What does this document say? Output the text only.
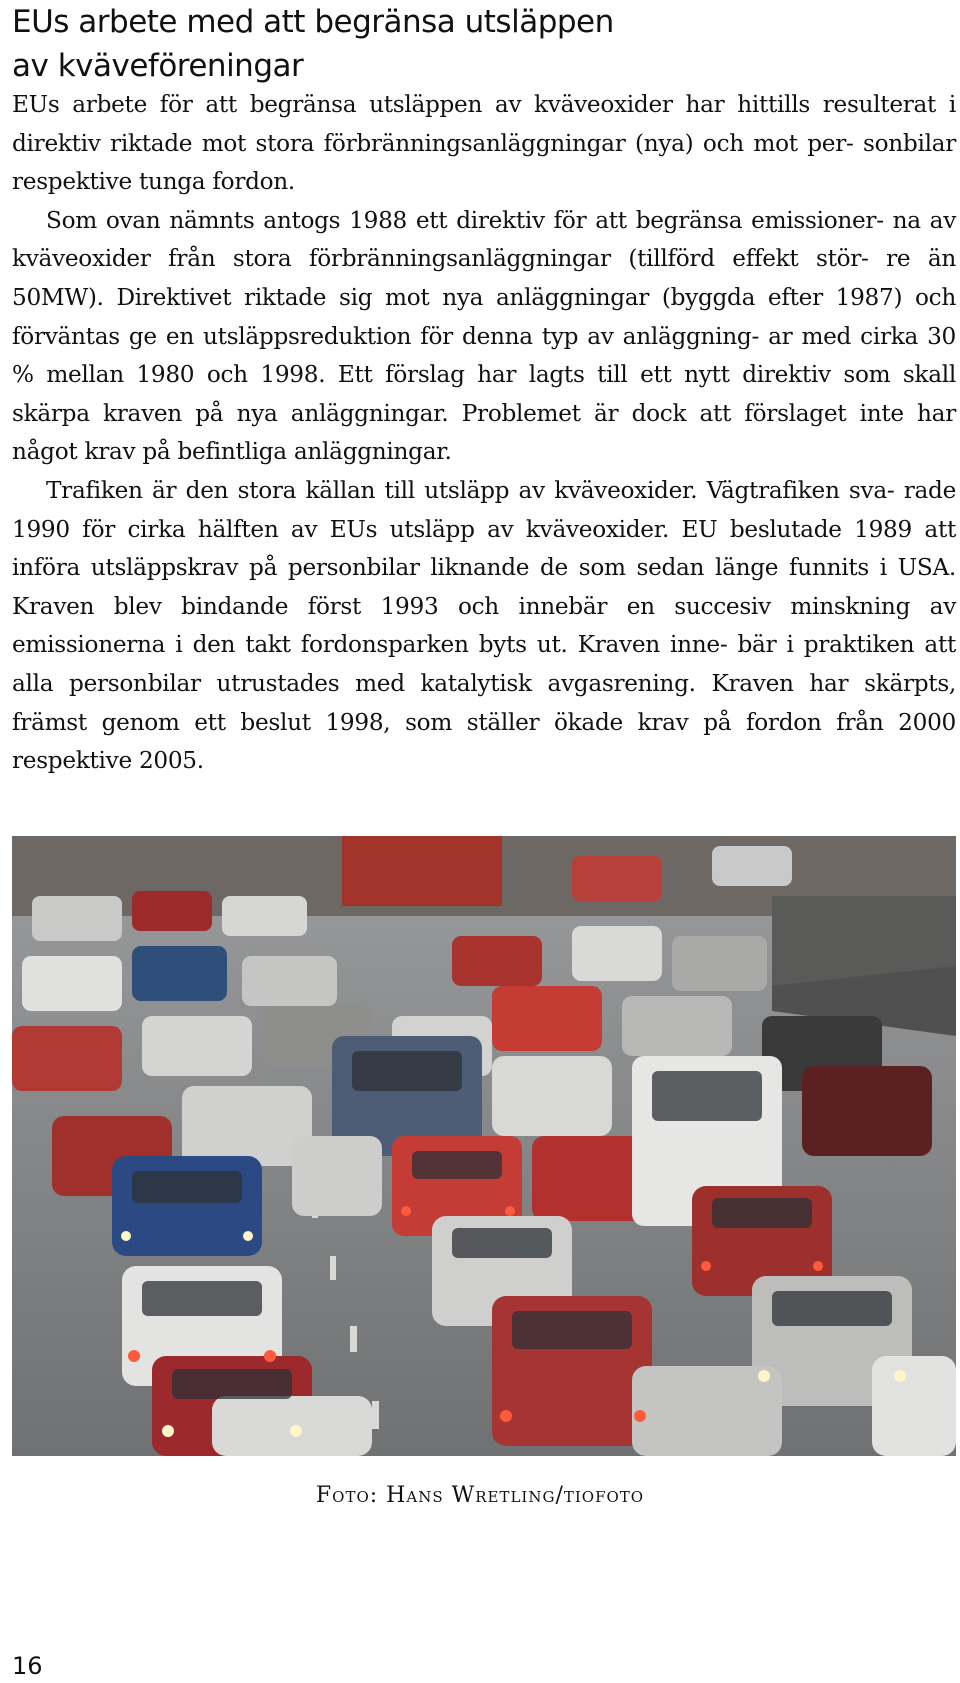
EUs arbete med att begränsa utsläppen
av kväveföreningar

EUs arbete för att begränsa utsläppen av kväveoxider har hittills resulterat i direktiv riktade mot stora förbränningsanläggningar (nya) och mot per- sonbilar respektive tunga fordon.

Som ovan nämnts antogs 1988 ett direktiv för att begränsa emissioner- na av kväveoxider från stora förbränningsanläggningar (tillförd effekt stör- re än 50MW). Direktivet riktade sig mot nya anläggningar (byggda efter 1987) och förväntas ge en utsläppsreduktion för denna typ av anläggning- ar med cirka 30 % mellan 1980 och 1998. Ett förslag har lagts till ett nytt direktiv som skall skärpa kraven på nya anläggningar. Problemet är dock att förslaget inte har något krav på befintliga anläggningar.

Trafiken är den stora källan till utsläpp av kväveoxider. Vägtrafiken sva- rade 1990 för cirka hälften av EUs utsläpp av kväveoxider. EU beslutade 1989 att införa utsläppskrav på personbilar liknande de som sedan länge funnits i USA. Kraven blev bindande först 1993 och innebär en succesiv minskning av emissionerna i den takt fordonsparken byts ut. Kraven inne- bär i praktiken att alla personbilar utrustades med katalytisk avgasrening. Kraven har skärpts, främst genom ett beslut 1998, som ställer ökade krav på fordon från 2000 respektive 2005.

Foto: Hans Wretling/tiofoto
16
